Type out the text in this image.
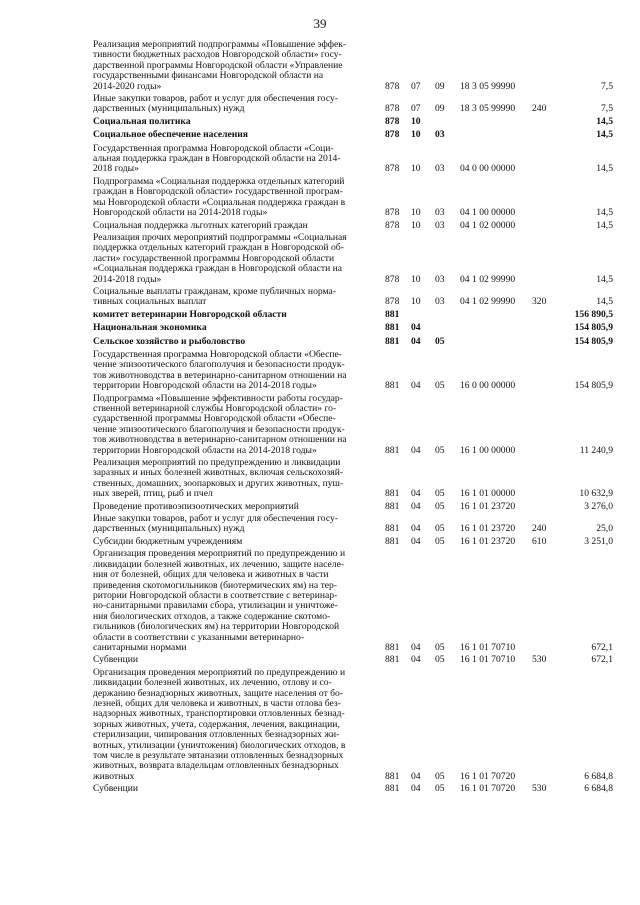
39
Реализация мероприятий подпрограммы «Повышение эффек-
тивности бюджетных расходов Новгородской области» госу-
дарственной программы Новгородской области «Управление
государственными финансами Новгородской области на
2014-2020 годы»	878 07 09 18 3 05 99990	7,5
Иные закупки товаров, работ и услуг для обеспечения госу-
дарственных (муниципальных) нужд	878 07 09 18 3 05 99990 240	7,5
Социальная политика	878 10	14,5
Социальное обеспечение населения	878 10 03	14,5
Государственная программа Новгородской области «Соци-
альная поддержка граждан в Новгородской области на 2014-
2018 годы»	878 10 03 04 0 00 00000	14,5
Подпрограмма «Социальная поддержка отдельных категорий
граждан в Новгородской области» государственной програм-
мы Новгородской области «Социальная поддержка граждан в
Новгородской области на 2014-2018 годы»	878 10 03 04 1 00 00000	14,5
Социальная поддержка льготных категорий граждан	878 10 03 04 1 02 00000	14,5
Реализация прочих мероприятий подпрограммы «Социальная
поддержка отдельных категорий граждан в Новгородской об-
ласти» государственной программы Новгородской области
«Социальная поддержка граждан в Новгородской области на
2014-2018 годы»	878 10 03 04 1 02 99990	14,5
Социальные выплаты гражданам, кроме публичных норма-
тивных социальных выплат	878 10 03 04 1 02 99990 320	14,5
комитет ветеринарии Новгородской области	881	156 890,5
Национальная экономика	881 04	154 805,9
Сельское хозяйство и рыболовство	881 04 05	154 805,9
Государственная программа Новгородской области «Обеспе-
чение эпизоотического благополучия и безопасности продук-
тов животноводства в ветеринарно-санитарном отношении на
территории Новгородской области на 2014-2018 годы»	881 04 05 16 0 00 00000	154 805,9
Подпрограмма «Повышение эффективности работы государ-
ственной ветеринарной службы Новгородской области» го-
сударственной программы Новгородской области «Обеспе-
чение эпизоотического благополучия и безопасности продук-
тов животноводства в ветеринарно-санитарном отношении на
территории Новгородской области на 2014-2018 годы»	881 04 05 16 1 00 00000	11 240,9
Реализация мероприятий по предупреждению и ликвидации
заразных и иных болезней животных, включая сельскохозяй-
ственных, домашних, зоопарковых и других животных, пуш-
ных зверей, птиц, рыб и пчел	881 04 05 16 1 01 00000	10 632,9
Проведение противоэпизоотических мероприятий	881 04 05 16 1 01 23720	3 276,0
Иные закупки товаров, работ и услуг для обеспечения госу-
дарственных (муниципальных) нужд	881 04 05 16 1 01 23720 240	25,0
Субсидии бюджетным учреждениям	881 04 05 16 1 01 23720 610	3 251,0
Организация проведения мероприятий по предупреждению и
ликвидации болезней животных, их лечению, защите населе-
ния от болезней, общих для человека и животных в части
приведения скотомогильников (биотермических ям) на тер-
ритории Новгородской области в соответствие с ветеринар-
но-санитарными правилами сбора, утилизации и уничтоже-
ния биологических отходов, а также содержание скотомо-
гильников (биологических ям) на территории Новгородской
области в соответствии с указанными ветеринарно-
санитарными нормами	881 04 05 16 1 01 70710	672,1
Субвенции	881 04 05 16 1 01 70710 530	672,1
Организация проведения мероприятий по предупреждению и
ликвидации болезней животных, их лечению, отлову и со-
держанию безнадзорных животных, защите населения от бо-
лезней, общих для человека и животных, в части отлова без-
надзорных животных, транспортировки отловленных безнад-
зорных животных, учета, содержания, лечения, вакцинации,
стерилизации, чипирования отловленных безнадзорных жи-
вотных, утилизации (уничтожения) биологических отходов, в
том числе в результате эвтаназии отловленных безнадзорных
животных, возврата владельцам отловленных безнадзорных
животных	881 04 05 16 1 01 70720	6 684,8
Субвенции	881 04 05 16 1 01 70720 530	6 684,8
